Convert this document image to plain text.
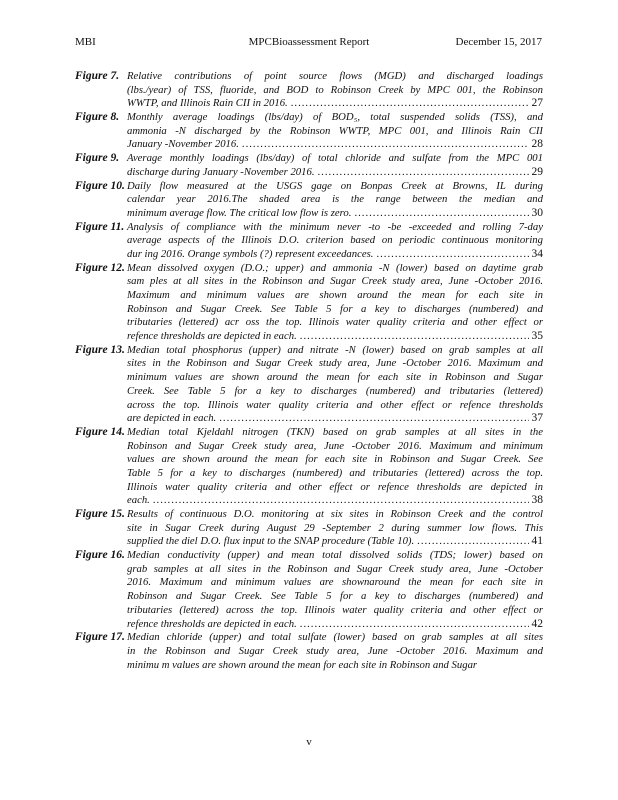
MBI	MPCBioassessment Report	December 15, 2017
Figure 7. Relative contributions of point source flows (MGD) and discharged loadings
(lbs./year) of TSS, fluoride, and BOD to Robinson Creek by MPC 001, the Robinson
WWTP, and Illinois Rain CII in 2016. .....	27
Figure 8. Monthly average loadings (lbs/day) of BOD₅, total suspended solids (TSS), and
ammonia -N discharged by the Robinson WWTP, MPC 001, and Illinois Rain CII
January -November 2016. .....	28
Figure 9. Average monthly loadings (lbs/day) of total chloride and sulfate from the MPC 001
discharge during January -November 2016. .....	29
Figure 10. Daily flow measured at the USGS gage on Bonpas Creek at Browns, IL during
calendar year 2016.The shaded area is the range between the median and
minimum average flow. The critical low flow is zero. .....	30
Figure 11. Analysis of compliance with the minimum never -to -be -exceeded and rolling 7-day
average aspects of the Illinois D.O. criterion based on periodic continuous monitoring
dur ing 2016. Orange symbols (?) represent exceedances. .....	34
Figure 12. Mean dissolved oxygen (D.O.; upper) and ammonia -N (lower) based on daytime grab
sam ples at all sites in the Robinson and Sugar Creek study area, June -October 2016.
Maximum and minimum values are shown around the mean for each site in
Robinson and Sugar Creek. See Table 5 for a key to discharges (numbered) and
tributaries (lettered) acr oss the top. Illinois water quality criteria and other effect or
refence thresholds are depicted in each. .....	35
Figure 13. Median total phosphorus (upper) and nitrate -N (lower) based on grab samples at all
sites in the Robinson and Sugar Creek study area, June -October 2016. Maximum and
minimum values are shown around the mean for each site in Robinson and Sugar
Creek. See Table 5 for a key to discharges (numbered) and tributaries (lettered)
across the top. Illinois water quality criteria and other effect or refence thresholds
are depicted in each. .....	37
Figure 14. Median total Kjeldahl nitrogen (TKN) based on grab samples at all sites in the
Robinson and Sugar Creek study area, June -October 2016. Maximum and minimum
values are shown around the mean for each site in Robinson and Sugar Creek. See
Table 5 for a key to discharges (numbered) and tributaries (lettered) across the top.
Illinois water quality criteria and other effect or refence thresholds are depicted in
each. .....	38
Figure 15. Results of continuous D.O. monitoring at six sites in Robinson Creek and the control
site in Sugar Creek during August 29 -September 2 during summer low flows. This
supplied the diel D.O. flux input to the SNAP procedure (Table 10). .....	41
Figure 16. Median conductivity (upper) and mean total dissolved solids (TDS; lower) based on
grab samples at all sites in the Robinson and Sugar Creek study area, June -October
2016. Maximum and minimum values are shownaround the mean for each site in
Robinson and Sugar Creek. See Table 5 for a key to discharges (numbered) and
tributaries (lettered) across the top. Illinois water quality criteria and other effect or
refence thresholds are depicted in each. .....	42
Figure 17. Median chloride (upper) and total sulfate (lower) based on grab samples at all sites
in the Robinson and Sugar Creek study area, June -October 2016. Maximum and
minimu m values are shown around the mean for each site in Robinson and Sugar
v
